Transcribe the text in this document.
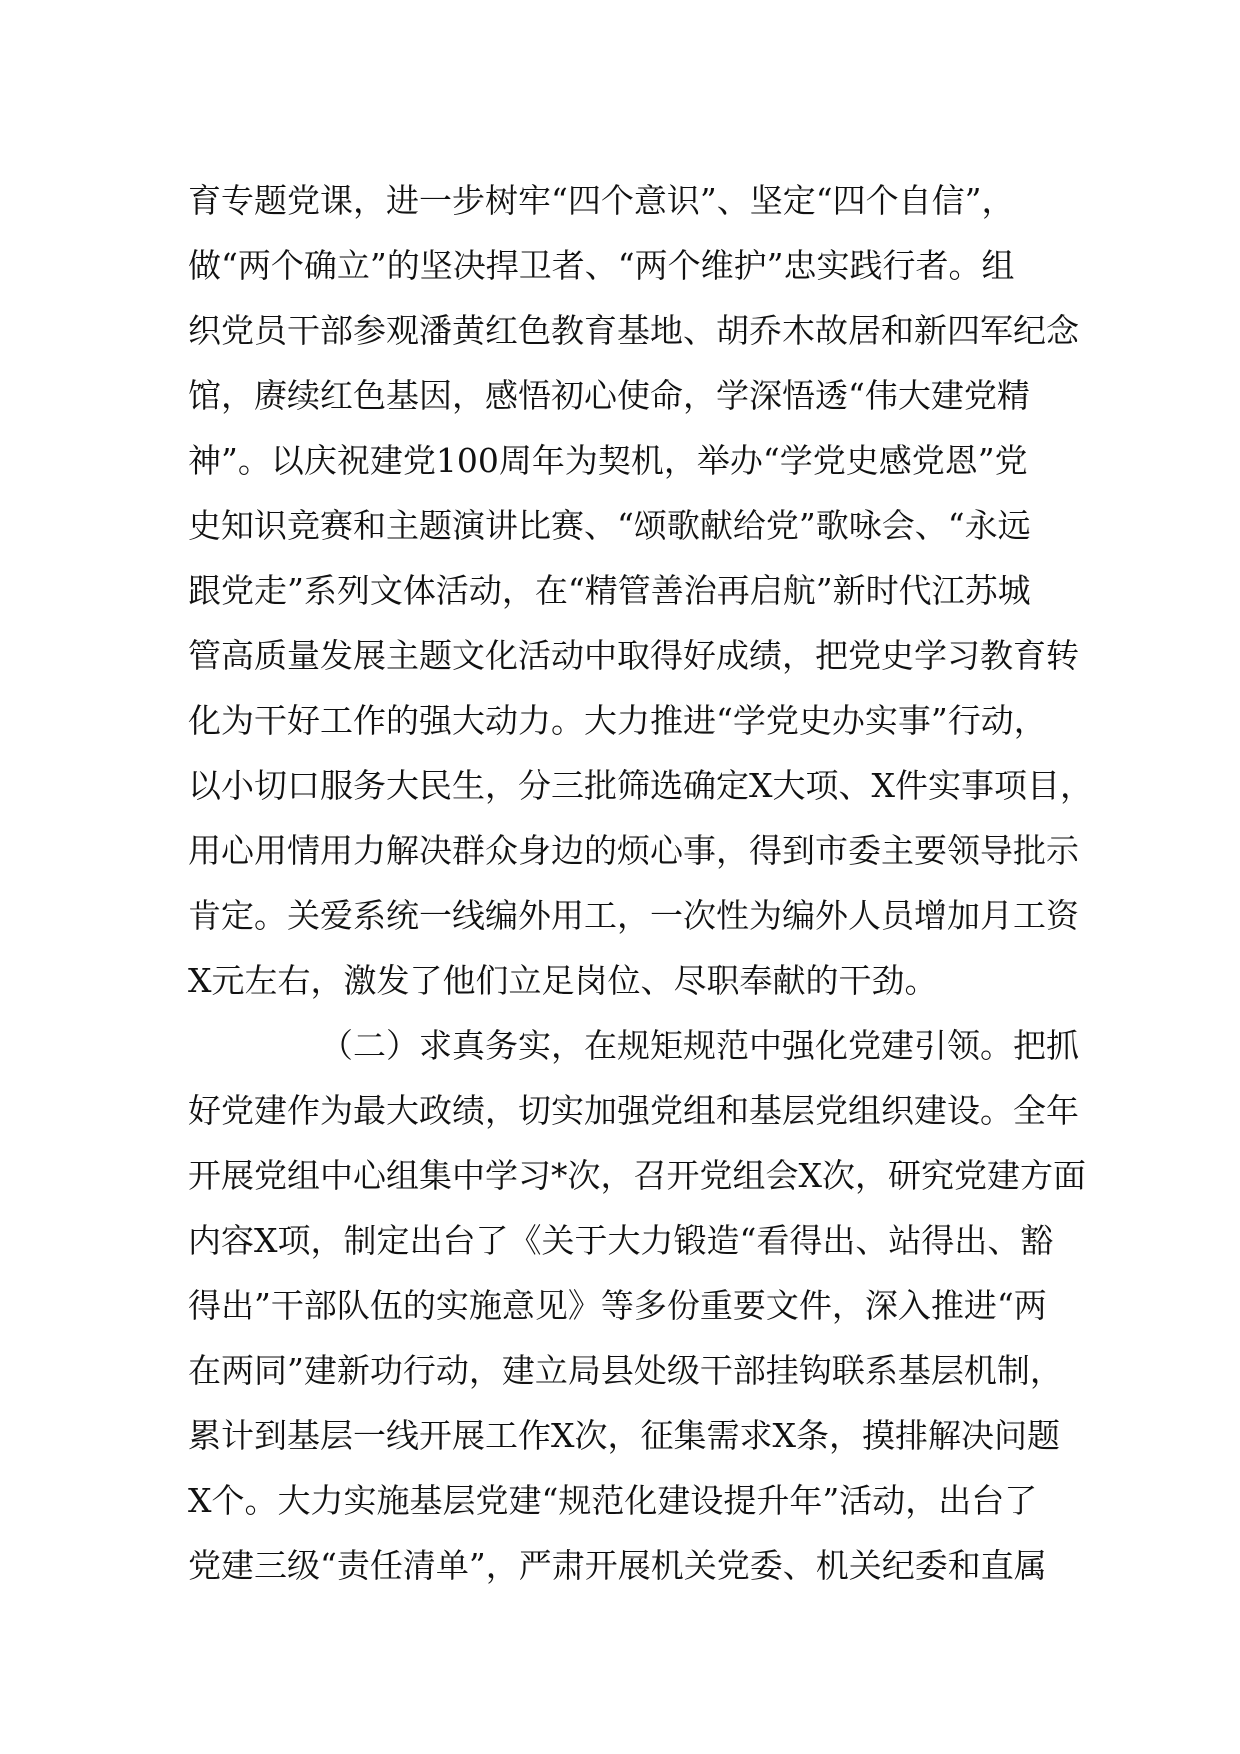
育专题党课，进一步树牢“四个意识”、坚定“四个自信”，
做“两个确立”的坚决捍卫者、“两个维护”忠实践行者。组
织党员干部参观潘黄红色教育基地、胡乔木故居和新四军纪念
馆，赓续红色基因，感悟初心使命，学深悟透“伟大建党精
神”。以庆祝建党100周年为契机，举办“学党史感党恩”党
史知识竞赛和主题演讲比赛、“颂歌献给党”歌咏会、“永远
跟党走”系列文体活动，在“精管善治再启航”新时代江苏城
管高质量发展主题文化活动中取得好成绩，把党史学习教育转
化为干好工作的强大动力。大力推进“学党史办实事”行动，
以小切口服务大民生，分三批筛选确定X大项、X件实事项目，
用心用情用力解决群众身边的烦心事，得到市委主要领导批示
肯定。关爱系统一线编外用工，一次性为编外人员增加月工资
X元左右，激发了他们立足岗位、尽职奉献的干劲。
（二）求真务实，在规矩规范中强化党建引领。把抓
好党建作为最大政绩，切实加强党组和基层党组织建设。全年
开展党组中心组集中学习*次，召开党组会X次，研究党建方面
内容X项，制定出台了《关于大力锻造“看得出、站得出、豁
得出”干部队伍的实施意见》等多份重要文件，深入推进“两
在两同”建新功行动，建立局县处级干部挂钩联系基层机制，
累计到基层一线开展工作X次，征集需求X条，摸排解决问题
X个。大力实施基层党建“规范化建设提升年”活动，出台了
党建三级“责任清单”，严肃开展机关党委、机关纪委和直属
